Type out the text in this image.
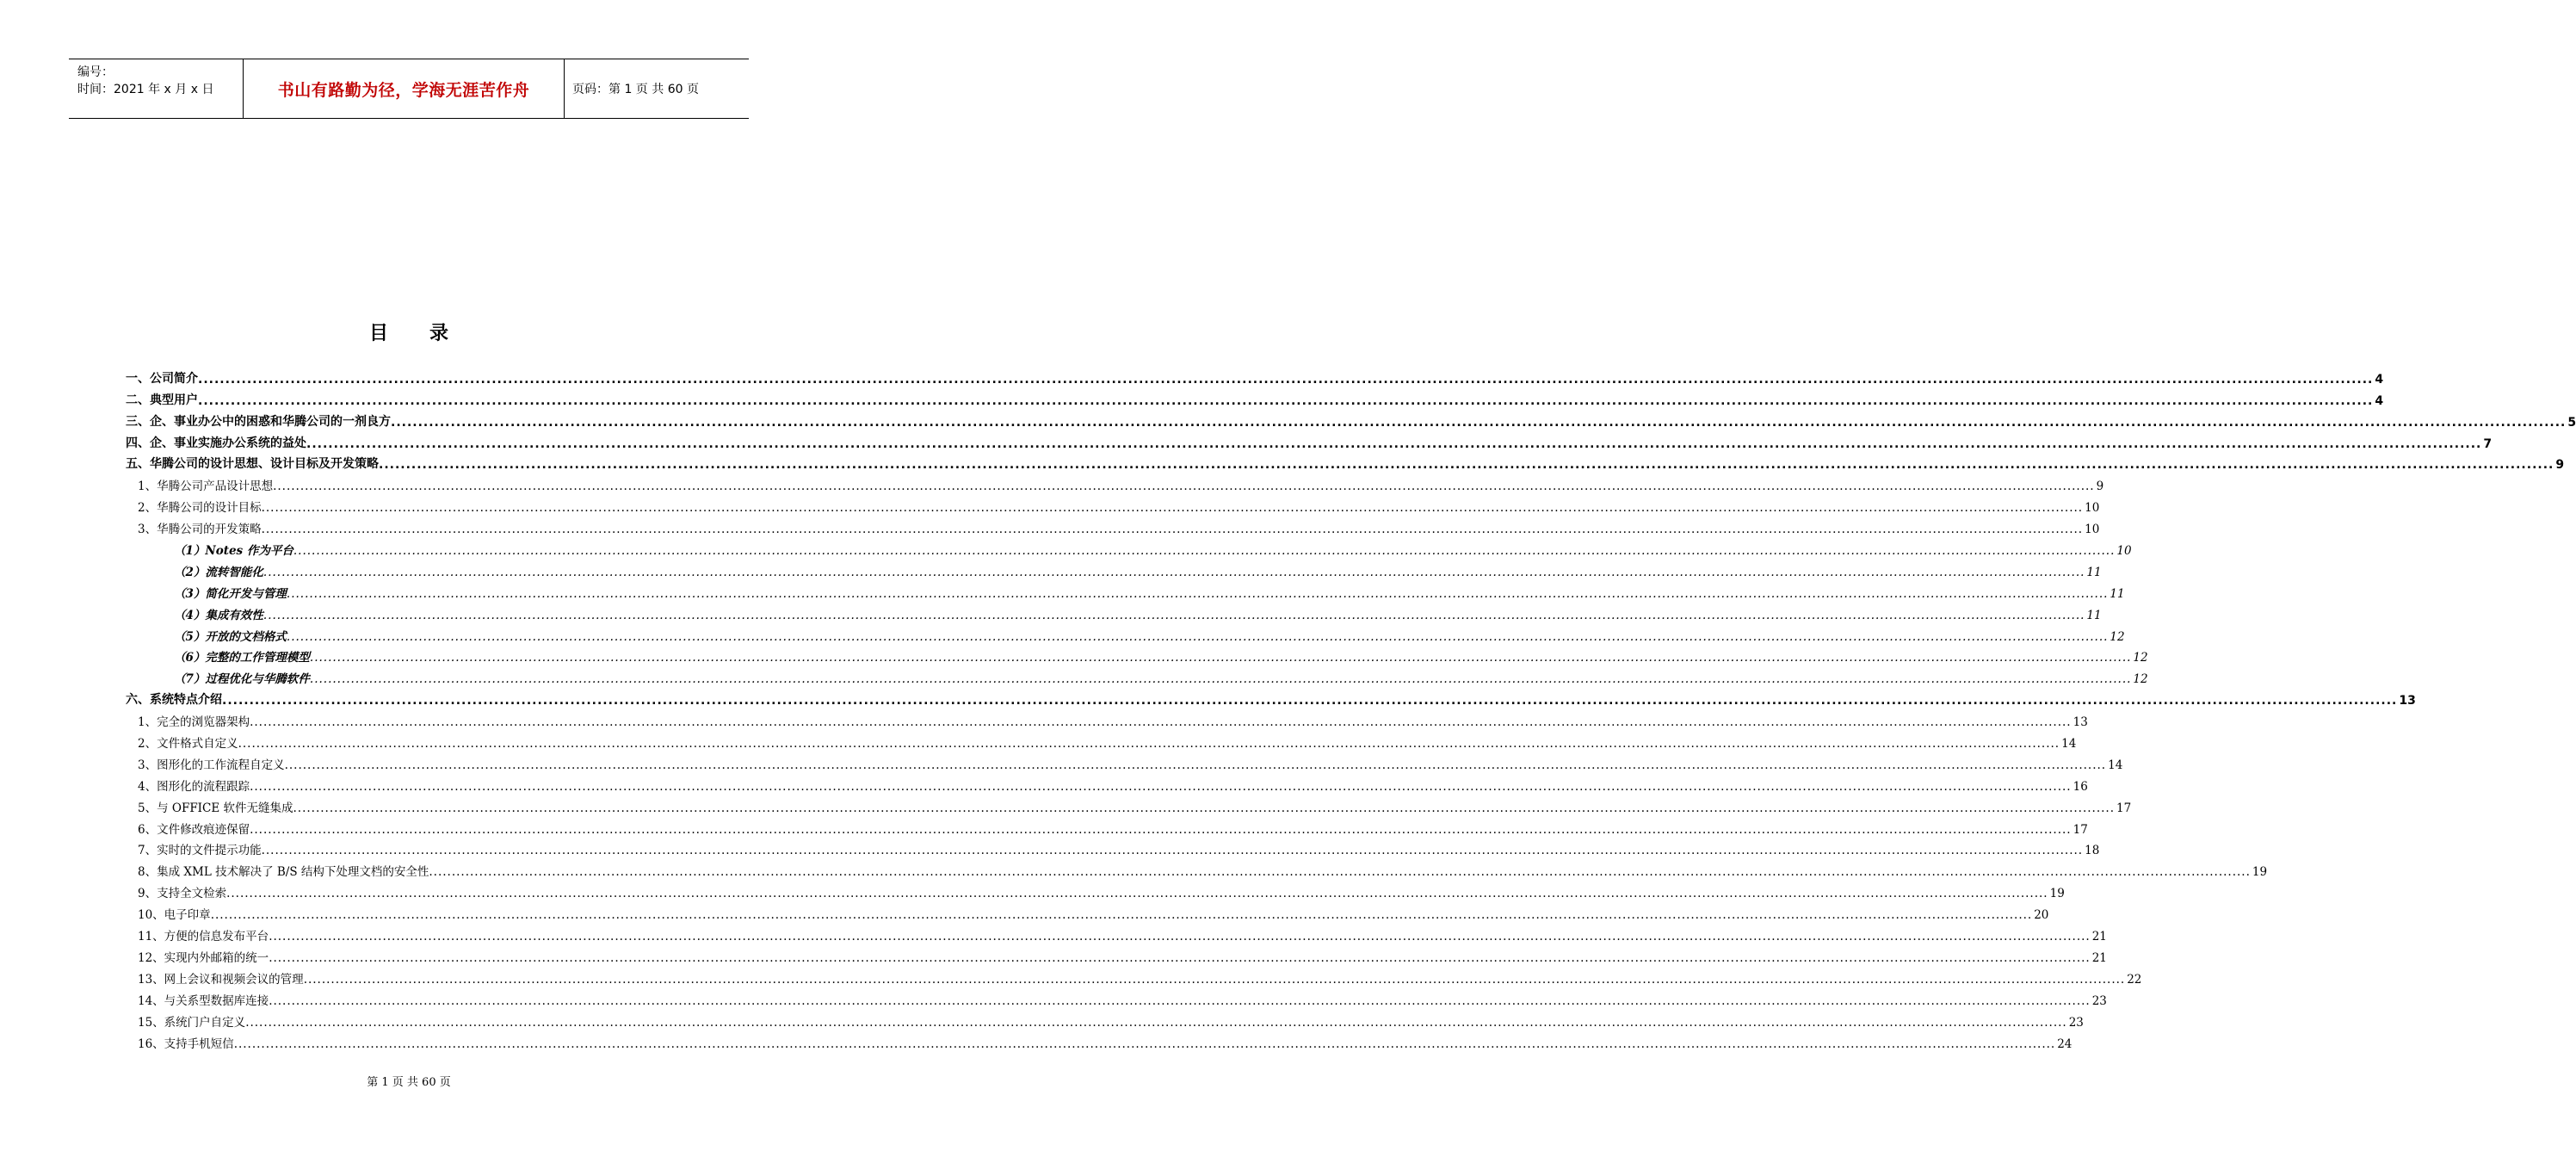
编号：
时间：2021 年 x 月 x 日	书山有路勤为径，学海无涯苦作舟	页码：第 1 页 共 60 页
目录
一、公司简介 ................................................................................................................................................................................................................................................................................................................................................................................................................ 4
二、典型用户 ................................................................................................................................................................................................................................................................................................................................................................................................................ 4
三、企、事业办公中的困惑和华腾公司的一剂良方 ................................................................................................................................................................................................................................................................................................................................................................................................................ 5
四、企、事业实施办公系统的益处 ................................................................................................................................................................................................................................................................................................................................................................................................................ 7
五、华腾公司的设计思想、设计目标及开发策略 ................................................................................................................................................................................................................................................................................................................................................................................................................ 9
1、华腾公司产品设计思想 ................................................................................................................................................................................................................................................................................................................................................................................................................ 9
2、华腾公司的设计目标 ................................................................................................................................................................................................................................................................................................................................................................................................................ 10
3、华腾公司的开发策略 ................................................................................................................................................................................................................................................................................................................................................................................................................ 10
（1）Notes 作为平台 ................................................................................................................................................................................................................................................................................................................................................................................................................ 10
（2）流转智能化 ................................................................................................................................................................................................................................................................................................................................................................................................................ 11
（3）简化开发与管理 ................................................................................................................................................................................................................................................................................................................................................................................................................ 11
（4）集成有效性 ................................................................................................................................................................................................................................................................................................................................................................................................................ 11
（5）开放的文档格式 ................................................................................................................................................................................................................................................................................................................................................................................................................ 12
（6）完整的工作管理模型 ................................................................................................................................................................................................................................................................................................................................................................................................................ 12
（7）过程优化与华腾软件 ................................................................................................................................................................................................................................................................................................................................................................................................................ 12
六、系统特点介绍 ................................................................................................................................................................................................................................................................................................................................................................................................................ 13
1、完全的浏览器架构 ................................................................................................................................................................................................................................................................................................................................................................................................................ 13
2、文件格式自定义 ................................................................................................................................................................................................................................................................................................................................................................................................................ 14
3、图形化的工作流程自定义 ................................................................................................................................................................................................................................................................................................................................................................................................................ 14
4、图形化的流程跟踪 ................................................................................................................................................................................................................................................................................................................................................................................................................ 16
5、与 OFFICE 软件无缝集成 ................................................................................................................................................................................................................................................................................................................................................................................................................ 17
6、文件修改痕迹保留 ................................................................................................................................................................................................................................................................................................................................................................................................................ 17
7、实时的文件提示功能 ................................................................................................................................................................................................................................................................................................................................................................................................................ 18
8、集成 XML 技术解决了 B/S 结构下处理文档的安全性 ................................................................................................................................................................................................................................................................................................................................................................................................................ 19
9、支持全文检索 ................................................................................................................................................................................................................................................................................................................................................................................................................ 19
10、电子印章 ................................................................................................................................................................................................................................................................................................................................................................................................................ 20
11、方便的信息发布平台 ................................................................................................................................................................................................................................................................................................................................................................................................................ 21
12、实现内外邮箱的统一 ................................................................................................................................................................................................................................................................................................................................................................................................................ 21
13、网上会议和视频会议的管理 ................................................................................................................................................................................................................................................................................................................................................................................................................ 22
14、与关系型数据库连接 ................................................................................................................................................................................................................................................................................................................................................................................................................ 23
15、系统门户自定义 ................................................................................................................................................................................................................................................................................................................................................................................................................ 23
16、支持手机短信 ................................................................................................................................................................................................................................................................................................................................................................................................................ 24
第 1 页 共 60 页
